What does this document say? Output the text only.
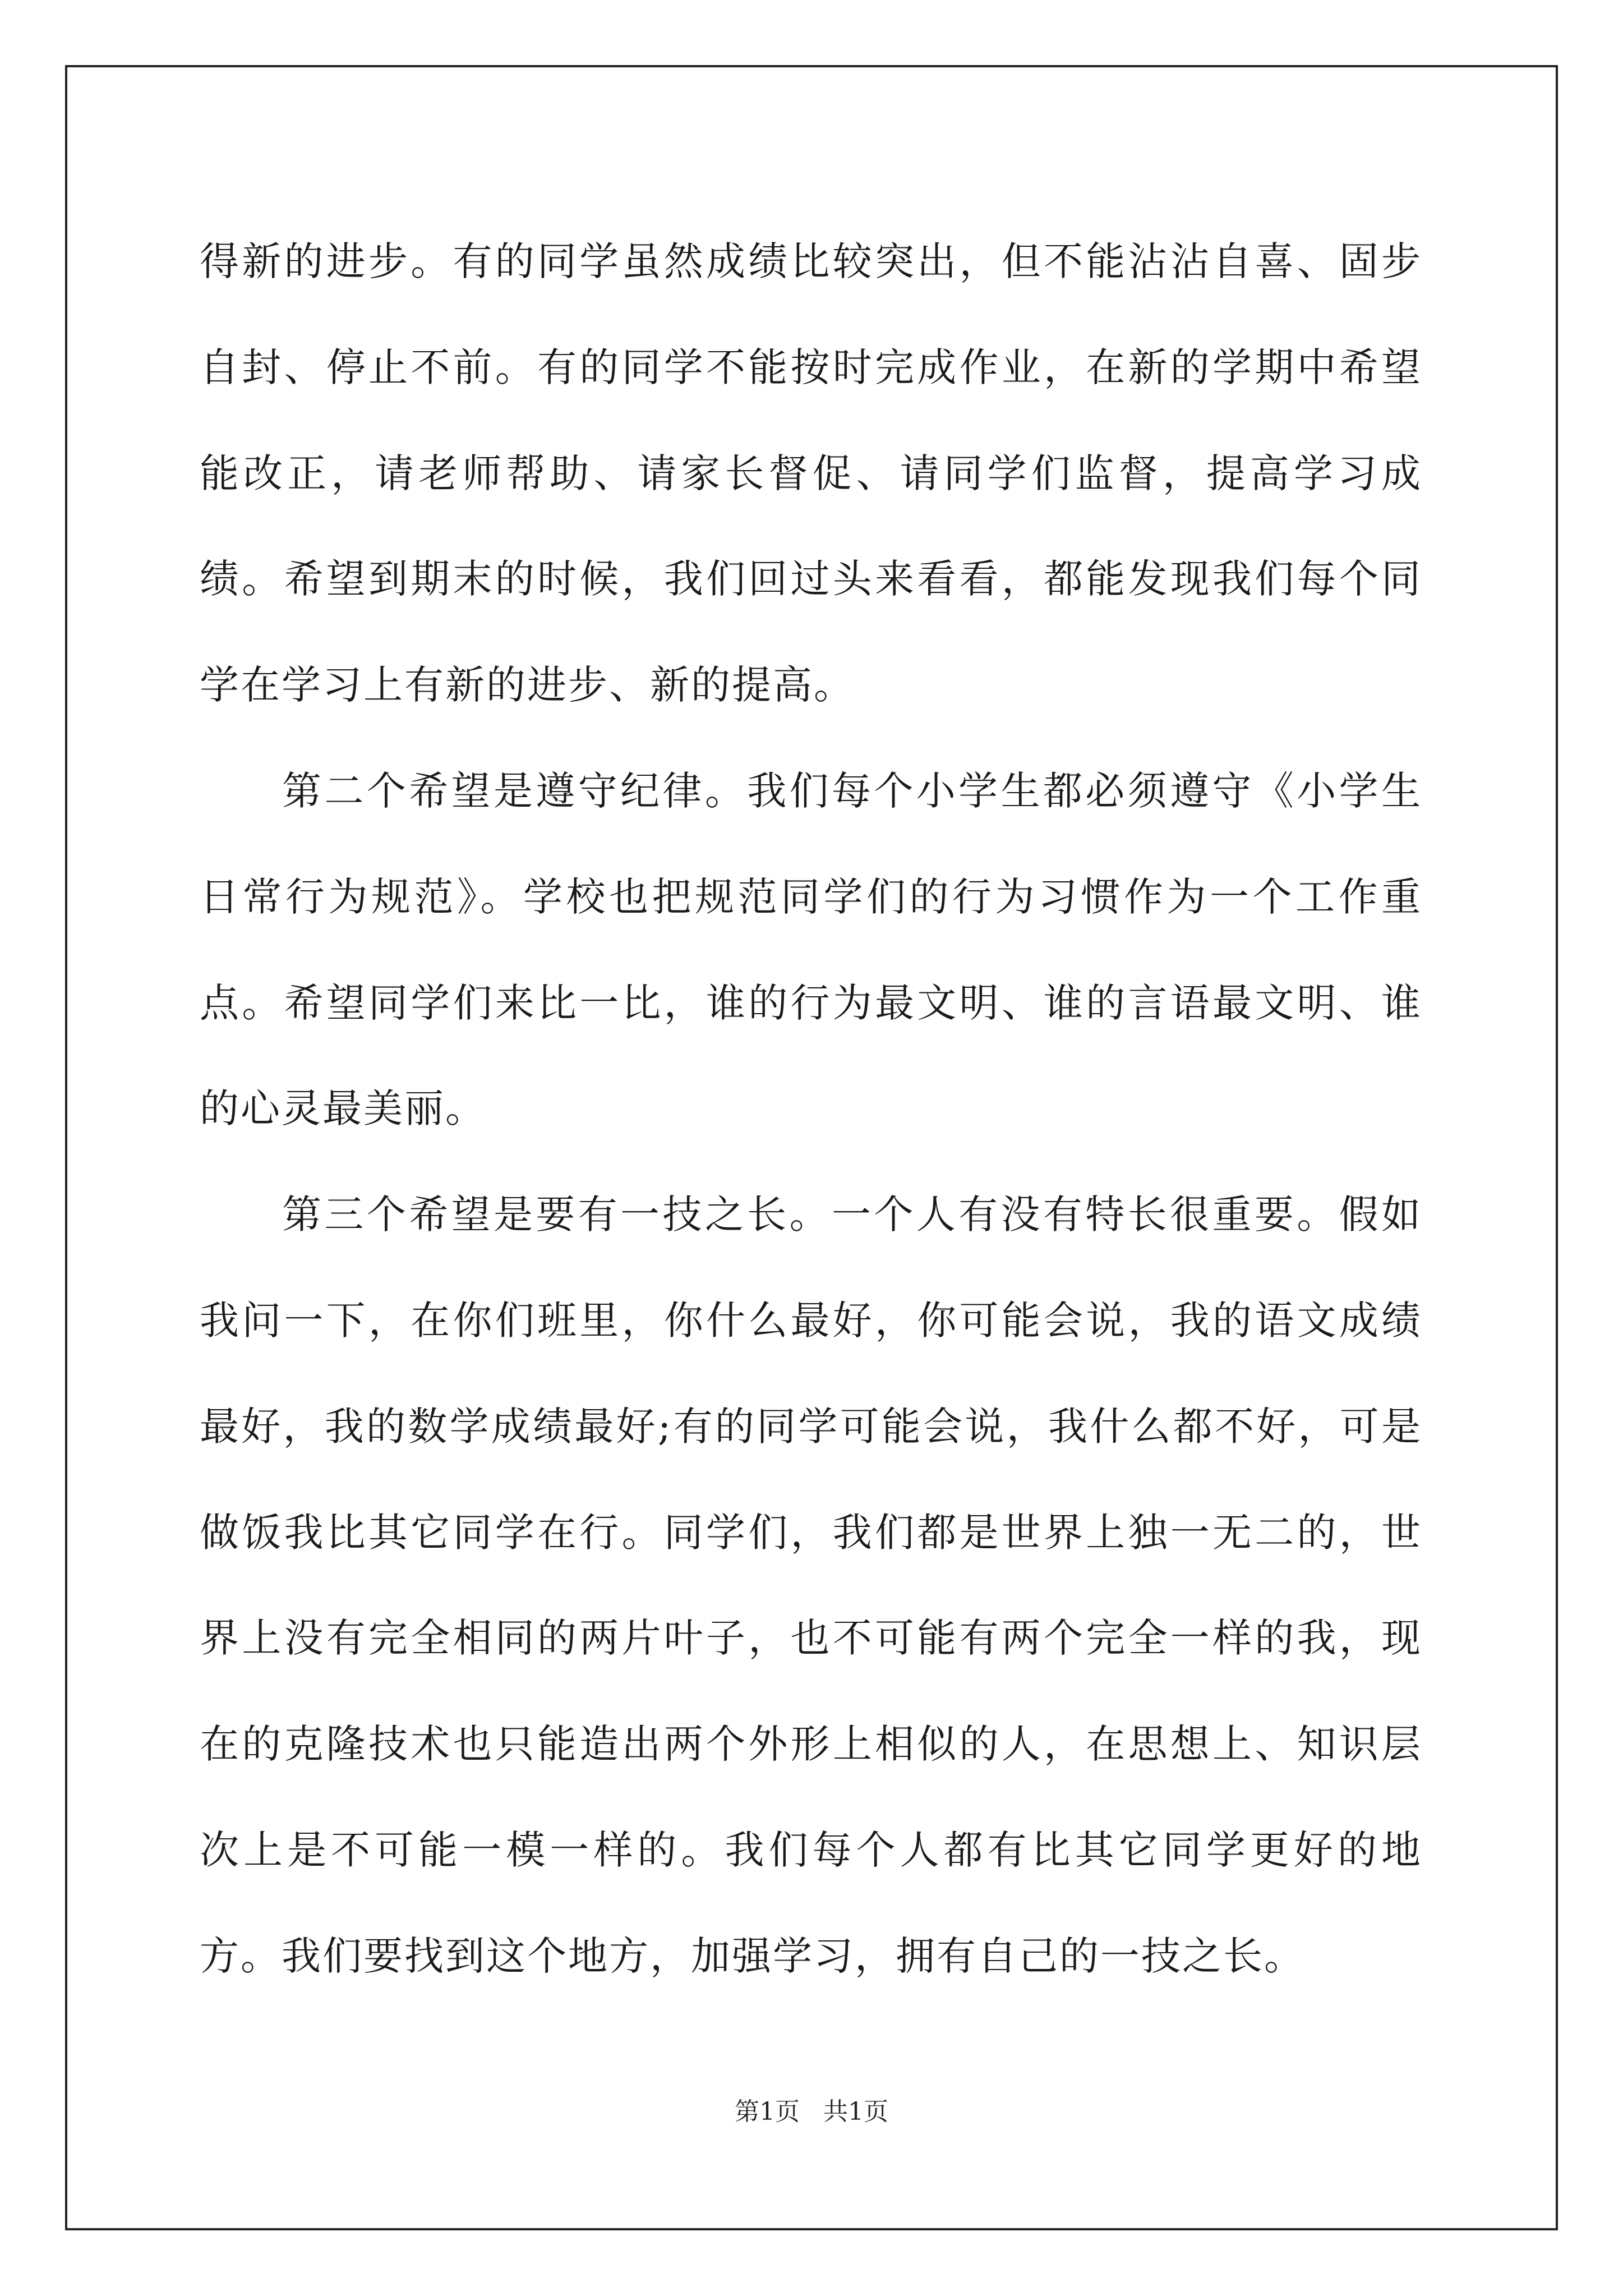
得新的进步。有的同学虽然成绩比较突出，但不能沾沾自喜、固步自封、停止不前。有的同学不能按时完成作业，在新的学期中希望能改正，请老师帮助、请家长督促、请同学们监督，提高学习成绩。希望到期末的时候，我们回过头来看看，都能发现我们每个同学在学习上有新的进步、新的提高。

第二个希望是遵守纪律。我们每个小学生都必须遵守《小学生日常行为规范》。学校也把规范同学们的行为习惯作为一个工作重点。希望同学们来比一比，谁的行为最文明、谁的言语最文明、谁的心灵最美丽。

第三个希望是要有一技之长。一个人有没有特长很重要。假如我问一下，在你们班里，你什么最好，你可能会说，我的语文成绩最好，我的数学成绩最好;有的同学可能会说，我什么都不好，可是做饭我比其它同学在行。同学们，我们都是世界上独一无二的，世界上没有完全相同的两片叶子，也不可能有两个完全一样的我，现在的克隆技术也只能造出两个外形上相似的人，在思想上、知识层次上是不可能一模一样的。我们每个人都有比其它同学更好的地方。我们要找到这个地方，加强学习，拥有自己的一技之长。

第1页   共1页
